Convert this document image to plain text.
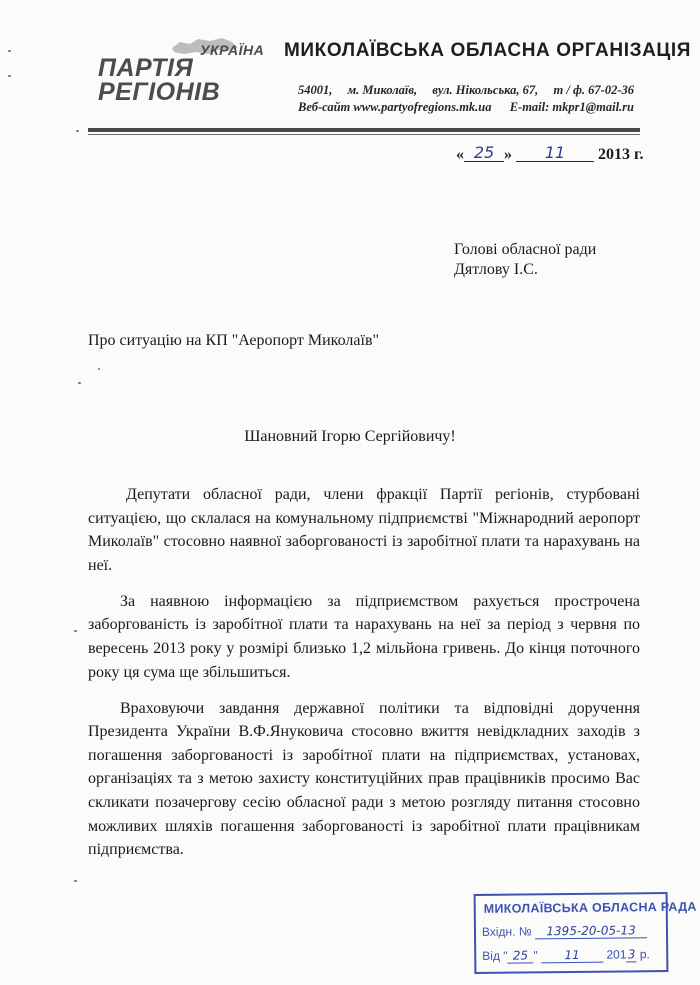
УКРАЇНА
ПАРТІЯ
РЕГІОНІВ
МИКОЛАЇВСЬКА ОБЛАСНА ОРГАНІЗАЦІЯ
54001, м. Миколаїв, вул. Нікольська, 67, т / ф. 67-02-36
Веб-сайт www.partyofregions.mk.ua E-mail: mkpr1@mail.ru
« 25 » 11 2013 г.
Голові обласної ради
Дятлову І.С.
Про ситуацію на КП "Аеропорт Миколаїв"
Шановний Ігорю Сергійовичу!

Депутати обласної ради, члени фракції Партії регіонів, стурбовані ситуацією, що склалася на комунальному підприємстві "Міжнародний аеропорт Миколаїв" стосовно наявної заборгованості із заробітної плати та нарахувань на неї.

За наявною інформацією за підприємством рахується прострочена заборгованість із заробітної плати та нарахувань на неї за період з червня по вересень 2013 року у розмірі близько 1,2 мільйона гривень. До кінця поточного року ця сума ще збільшиться.

Враховуючи завдання державної політики та відповідні доручення Президента України В.Ф.Януковича стосовно вжиття невідкладних заходів з погашення заборгованості із заробітної плати на підприємствах, установах, організаціях та з метою захисту конституційних прав працівників просимо Вас скликати позачергову сесію обласної ради з метою розгляду питання стосовно можливих шляхів погашення заборгованості із заробітної плати працівникам підприємства.

МИКОЛАЇВСЬКА ОБЛАСНА РАДА
Вхідн. № 1395-20-05-13
Від " 25 " 11 2013 р.
